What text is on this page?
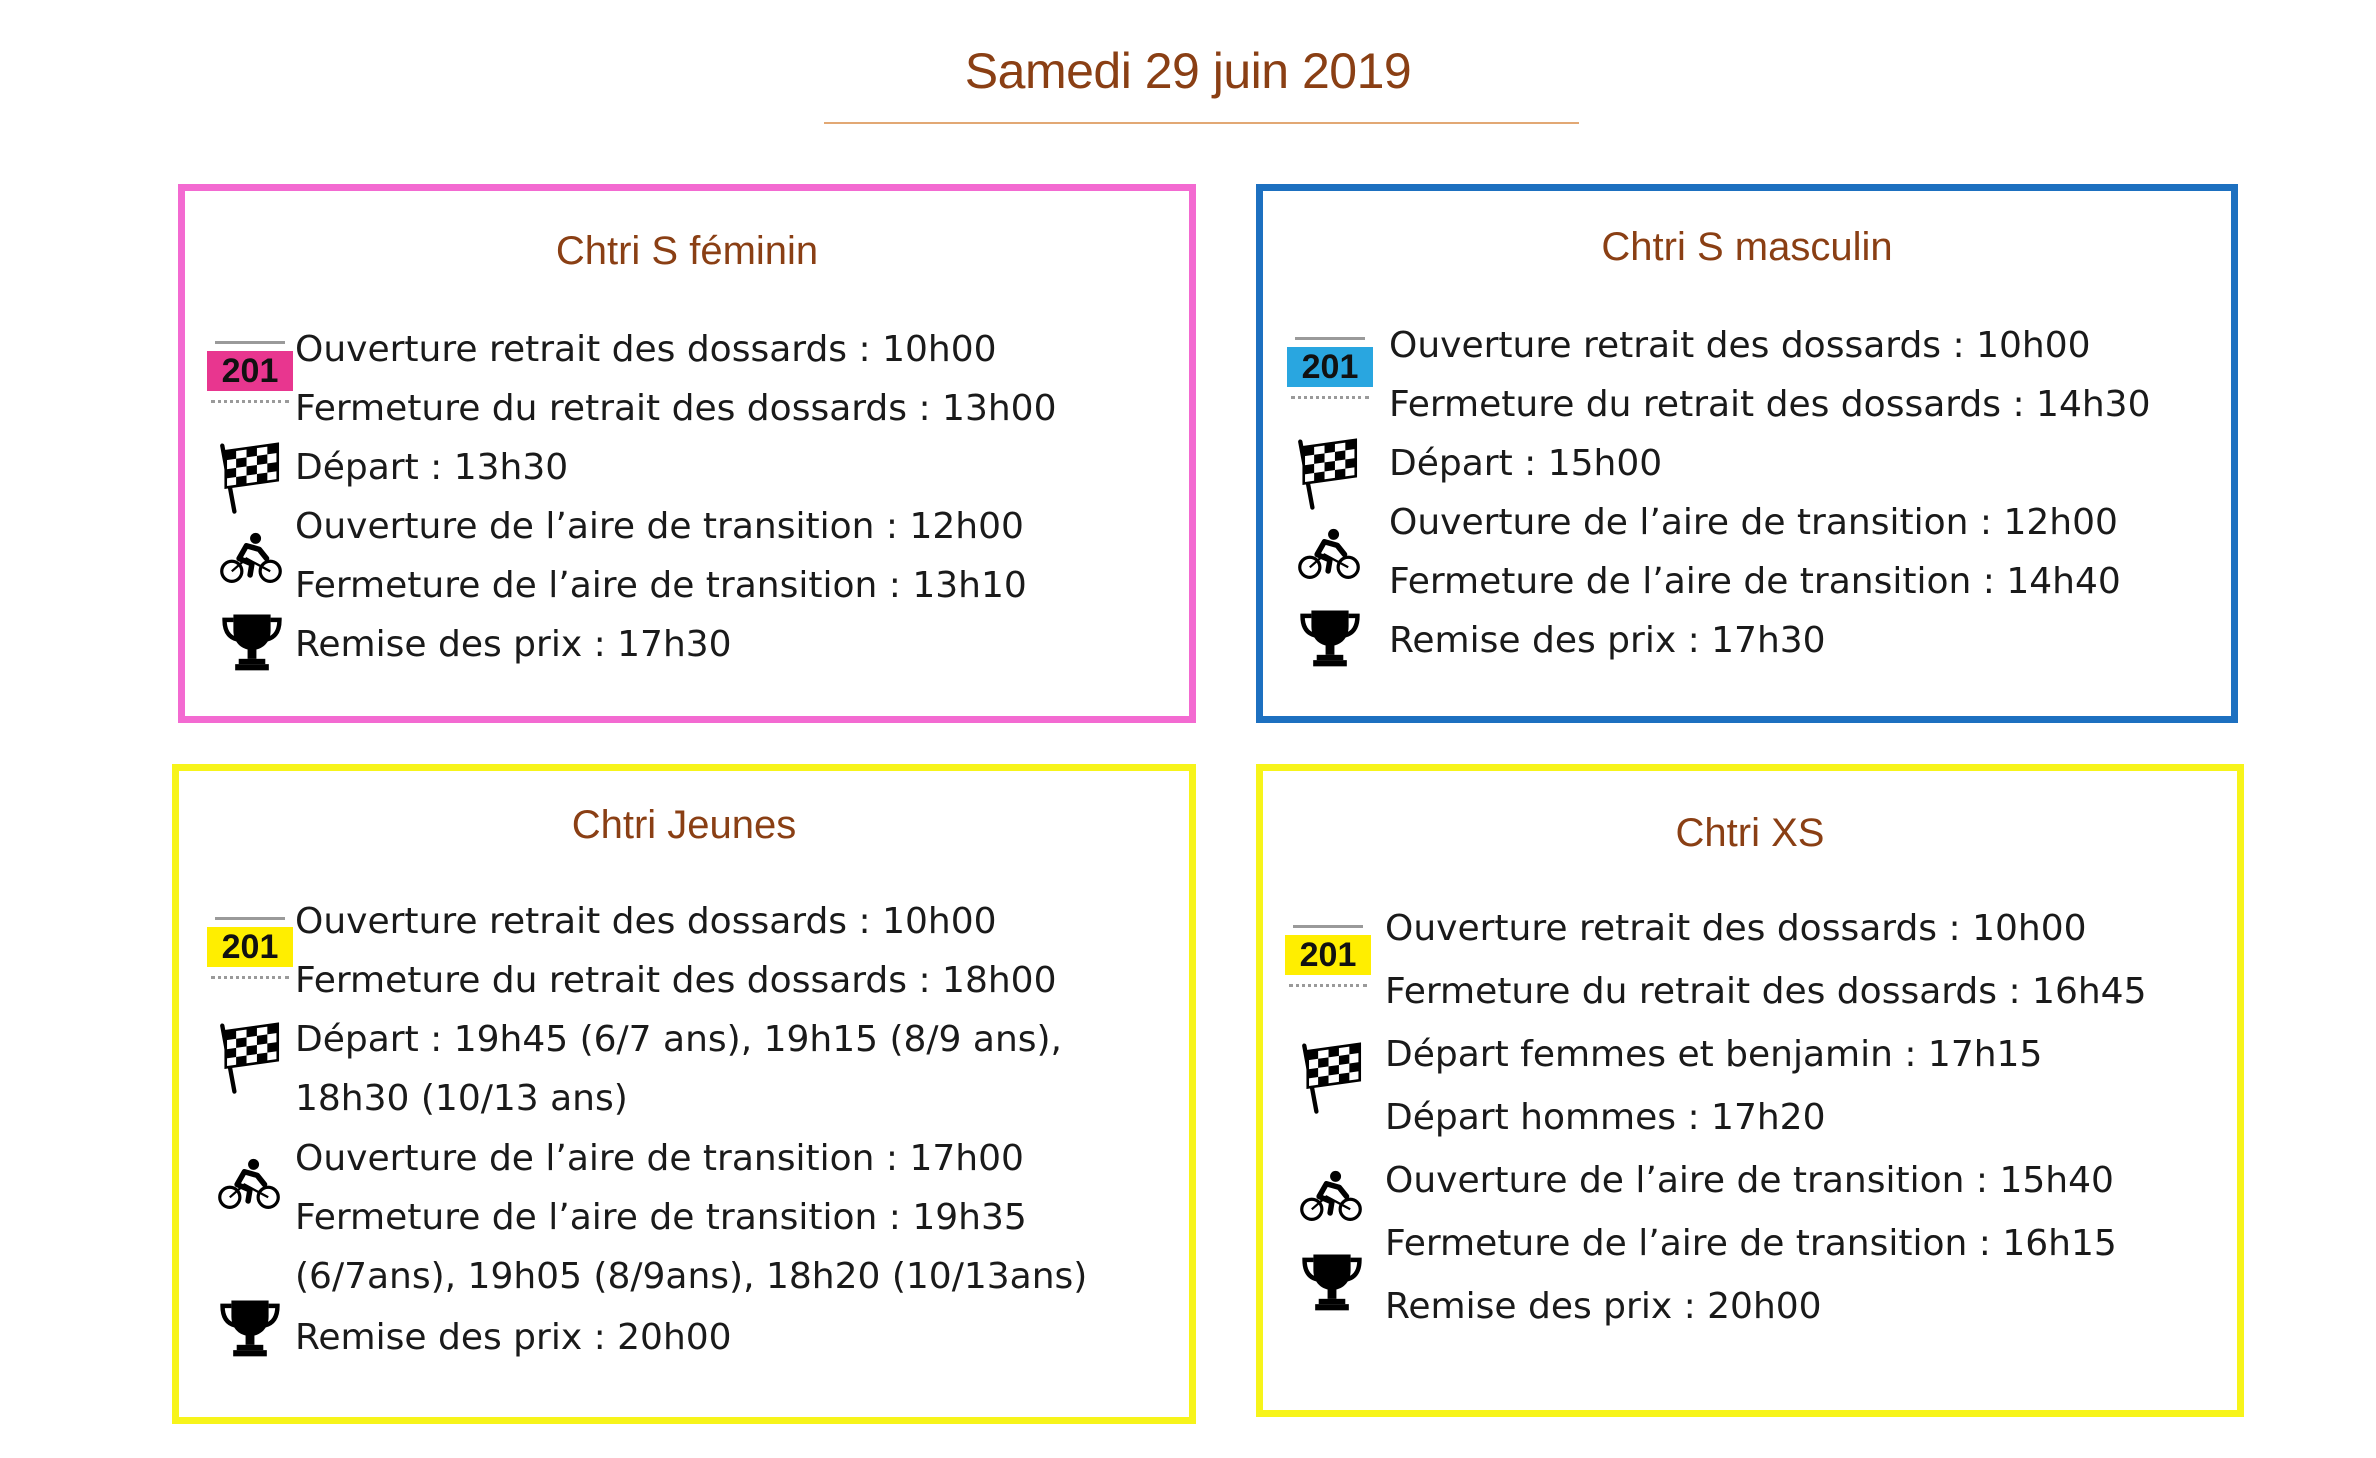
Samedi 29 juin 2019
Chtri S féminin
201
Ouverture retrait des dossards : 10h00
Fermeture du retrait des dossards : 13h00
Départ : 13h30
Ouverture de l’aire de transition : 12h00
Fermeture de l’aire de transition : 13h10
Remise des prix : 17h30
Chtri S masculin
201
Ouverture retrait des dossards : 10h00
Fermeture du retrait des dossards : 14h30
Départ : 15h00
Ouverture de l’aire de transition : 12h00
Fermeture de l’aire de transition : 14h40
Remise des prix : 17h30
Chtri Jeunes
201
Ouverture retrait des dossards : 10h00
Fermeture du retrait des dossards : 18h00
Départ : 19h45 (6/7 ans), 19h15 (8/9 ans),
18h30 (10/13 ans)
Ouverture de l’aire de transition : 17h00
Fermeture de l’aire de transition : 19h35
(6/7ans), 19h05 (8/9ans), 18h20 (10/13ans)
Remise des prix : 20h00
Chtri XS
201
Ouverture retrait des dossards : 10h00
Fermeture du retrait des dossards : 16h45
Départ femmes et benjamin : 17h15
Départ hommes : 17h20
Ouverture de l’aire de transition : 15h40
Fermeture de l’aire de transition : 16h15
Remise des prix : 20h00
